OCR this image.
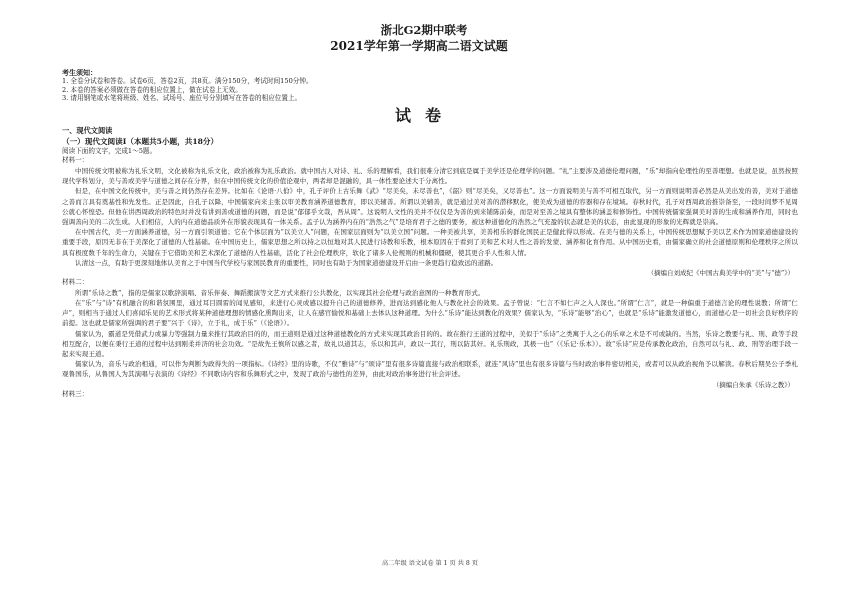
浙北G2期中联考
2021学年第一学期高二语文试题
考生须知：
1. 全卷分试卷和答卷。试卷6页，答卷2页，共8页。满分150分，考试时间150分钟。
2. 本卷的答案必须做在答卷的相应位置上，做在试卷上无效。
3. 请用钢笔或水笔将班级、姓名、试场号、座位号分别填写在答卷的相应位置上。
试卷
一、现代文阅读
（一）现代文阅读Ⅰ（本题共5小题，共18分）
阅读下面的文字，完成1～5题。
材料一：
中国传统文明被称为礼乐文明，文化被称为礼乐文化，政治被称为礼乐政治。就中国古人对诗、礼、乐的理解看，我们很难分清它到底是属于美学还是伦理学的问题。“礼”主要涉及道德伦理问题，“乐”却指向伦理性的至善理想。也就是说，虽然按照现代学科划分，美与善或美学与道德之间存在分界，但在中国传统文化的价值论观中，两者却是混融的，具一体性要论述大于分离性。
但是，在中国文化传统中，美与善之间仍然存在差异。比如在《论语·八佾》中，孔子评价上古乐舞《武》“尽美矣，未尽善也”，《韶》则“尽美矣，又尽善也”。这一方面说明美与善不可相互取代，另一方面则说明善必然是从美出发的善，美对于道德之善而言具有奠基性和先发性。正是因此，自孔子以降，中国儒家向来主张以审美教育涵养道德教育，即以美辅善。所谓以美辅善，就是通过美对善的潜移默化，使美成为道德的容器和存在境域。春秋时代，孔子对西周政治推崇备至，一段时间梦不见周公就心怀惶恐。但他在讲西周政治的特色时并没有讲到善或道德的问题，而是说“郁郁乎文哉，吾从周”。这说明人文性的美并不仅仅是为善的到来铺陈前奏，而是对至善之境具有整体的涵盖和修饰性。中国传统儒家强调美对善的生成和涵养作用，同时也强调善向美的二次生成。人们相信，人的内在道德品质外在形貌表现具有一体关系。孟子认为涵养内在的“浩然之气”是培育君子之德的要务，被这种道德化的浩然之气充盈的状态就是美的状态，由此显现的形象的光辉就是崇高。
在中国古代，美一方面涵养道德，另一方面引领道德；它在个体层面为“以美立人”问题，在国家层面则为“以美立国”问题。一种美被共享，美善相乐的群化国民正是健此得以形成。在美与德的关系上，中国传统思想赋予美以艺术作为国家道德建设的重要手段，原因无非在于美深化了道德的人性基础。在中国历史上，儒家思想之所以持之以恒地对其人民进行诗教和乐教，根本原因在于看到了美和艺术对人性之善的发蒙、涵养和化育作用。从中国历史看，由儒家确立的社会道德原则和伦理秩序之所以具有极度数千年的生命力，关键在于它借助美和艺术深化了道德的人性基础，活化了社会伦理秩序，软化了诸多人伦规则的机械和僵硬，使其更合乎人性和人情。
认清这一点，有助于更深刻地体认美育之于中国当代学校与家国民教育的重要性，同时也有助于为国家道德建设开启由一条更趋行稳致远的道路。
（摘编自刘成纪《中国古典美学中的“美”与“德”》）
材料二：
所谓“乐诗之教”，指的是儒家以歌辞演唱、音乐伴奏、舞蹈搬演等文艺方式来推行公共教化，以实现其社会伦理与政治意图的一种教育形式。
在“乐”与“诗”有机融合的和谐氛围里，通过耳目圆雷的闻见感知，来进行心灵或感以提升自己的道德修养，进而达到感化他人与教化社会的效果。孟子曾说：“仁言不如仁声之入人深也。”所谓“仁言”，就是一种偏重于道德言论的理性说教；所谓“仁声”，则相当于通过人们喜闻乐见的艺术形式将某种道德理想的情感化熏陶出来，让人在感官愉悦和基础上去体认这种道理。为什么“乐诗”能达到教化的效果？儒家认为，“乐诗”能够“治心”，也就是“乐诗”能激发道德心，而道德心是一切社会良好秩序的前提。这也就是儒家所强调的君子要“兴于《诗》，立于礼，成于乐”（《论语》）。
儒家认为，霸道是凭借武力或暴力等强制力量来推行其政治目的的，而王道则是通过这种道德教化的方式来实现其政治目的的。故在推行王道的过程中，美似于“乐诗”之类寓于人之心的乐章之术是不可或缺的。当然，乐诗之教要与礼、刑、政等手段相互配合，以便在秉行王道的过程中达到刚柔并济的社会功效。“是故先王慎所以感之者，故礼以道其志，乐以和其声，政以一其行，刑以防其奸。礼乐刑政，其极一也”（《乐记·乐本》）。故“乐诗”应是传承教化政治，自然可以与礼、政、刑等治理手段一起来实现王道。
儒家认为，音乐与政治相通，可以作为判断为政得失的一项指标。《诗经》里的诗歌，不仅“雅诗”与“颂诗”里有很多诗篇直接与政治相联系，就连“风诗”里也有很多诗篇与当时政治事件密切相关，或者可以从政治视角予以解读。春秋后期吴公子季札观鲁国乐，从鲁国人为其演唱与表演的《诗经》不同歌诗内容和乐舞形式之中，发现了政治与德性的差异，由此对政治事务进行社会评述。
（摘编自朱承《乐诗之教》）
材料三：
高二年级 语文试卷 第 1 页 共 8 页
